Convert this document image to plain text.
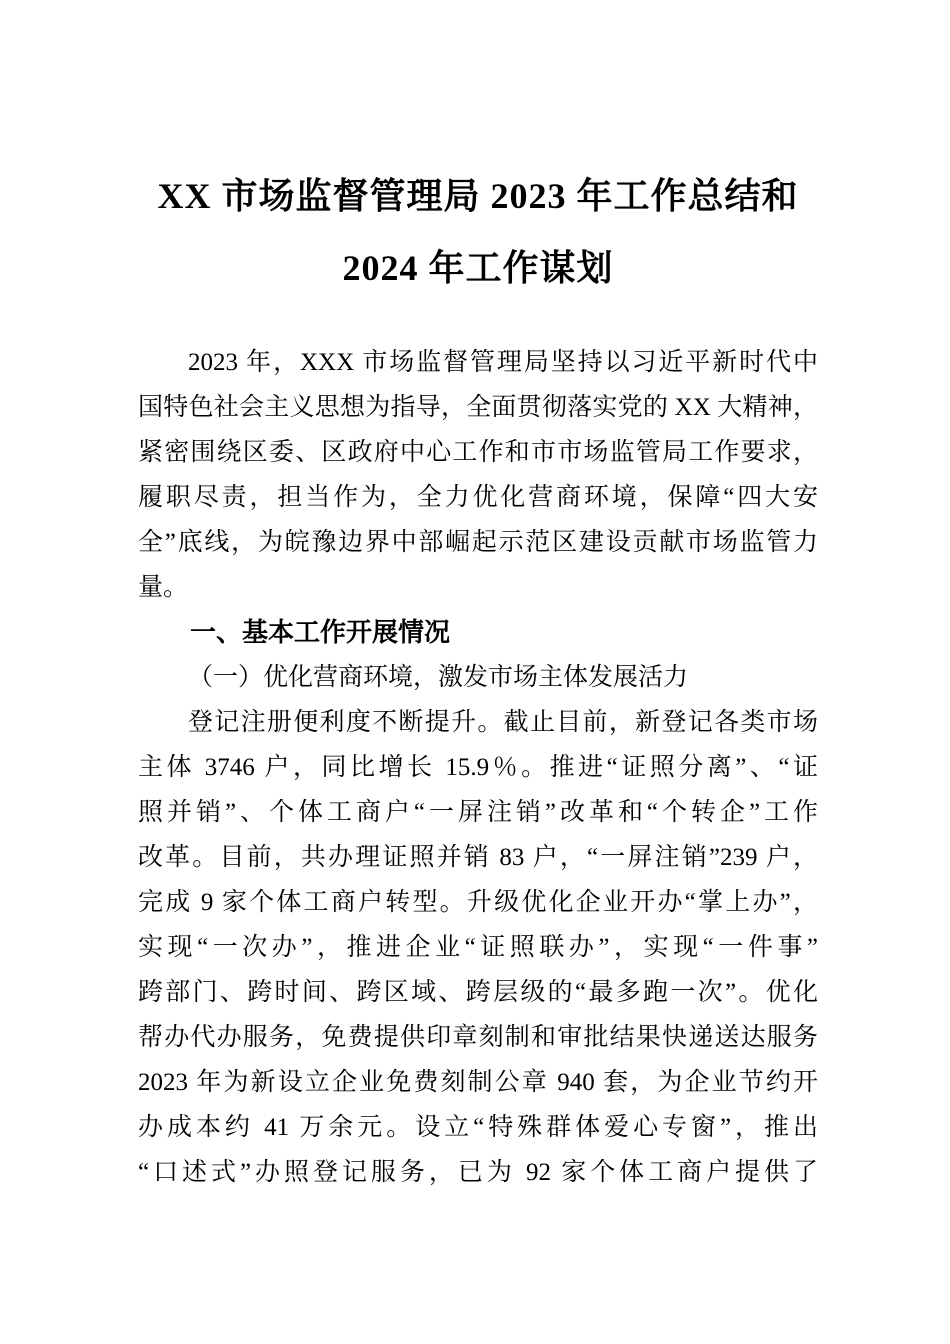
XX 市场监督管理局 2023 年工作总结和
2024 年工作谋划
2023 年，XXX 市场监督管理局坚持以习近平新时代中
国特色社会主义思想为指导，全面贯彻落实党的 XX 大精神，
紧密围绕区委、区政府中心工作和市市场监管局工作要求，
履职尽责，担当作为，全力优化营商环境，保障“四大安
全”底线，为皖豫边界中部崛起示范区建设贡献市场监管力
量。
一、基本工作开展情况
（一）优化营商环境，激发市场主体发展活力
登记注册便利度不断提升。截止目前，新登记各类市场
主体 3746 户，同比增长 15.9％。推进“证照分离”、“证
照并销”、个体工商户“一屏注销”改革和“个转企”工作
改革。目前，共办理证照并销 83 户，“一屏注销”239 户，
完成 9 家个体工商户转型。升级优化企业开办“掌上办”，
实现“一次办”，推进企业“证照联办”，实现“一件事”
跨部门、跨时间、跨区域、跨层级的“最多跑一次”。优化
帮办代办服务，免费提供印章刻制和审批结果快递送达服务
2023 年为新设立企业免费刻制公章 940 套，为企业节约开
办成本约 41 万余元。设立“特殊群体爱心专窗”，推出
“口述式”办照登记服务，已为 92 家个体工商户提供了
